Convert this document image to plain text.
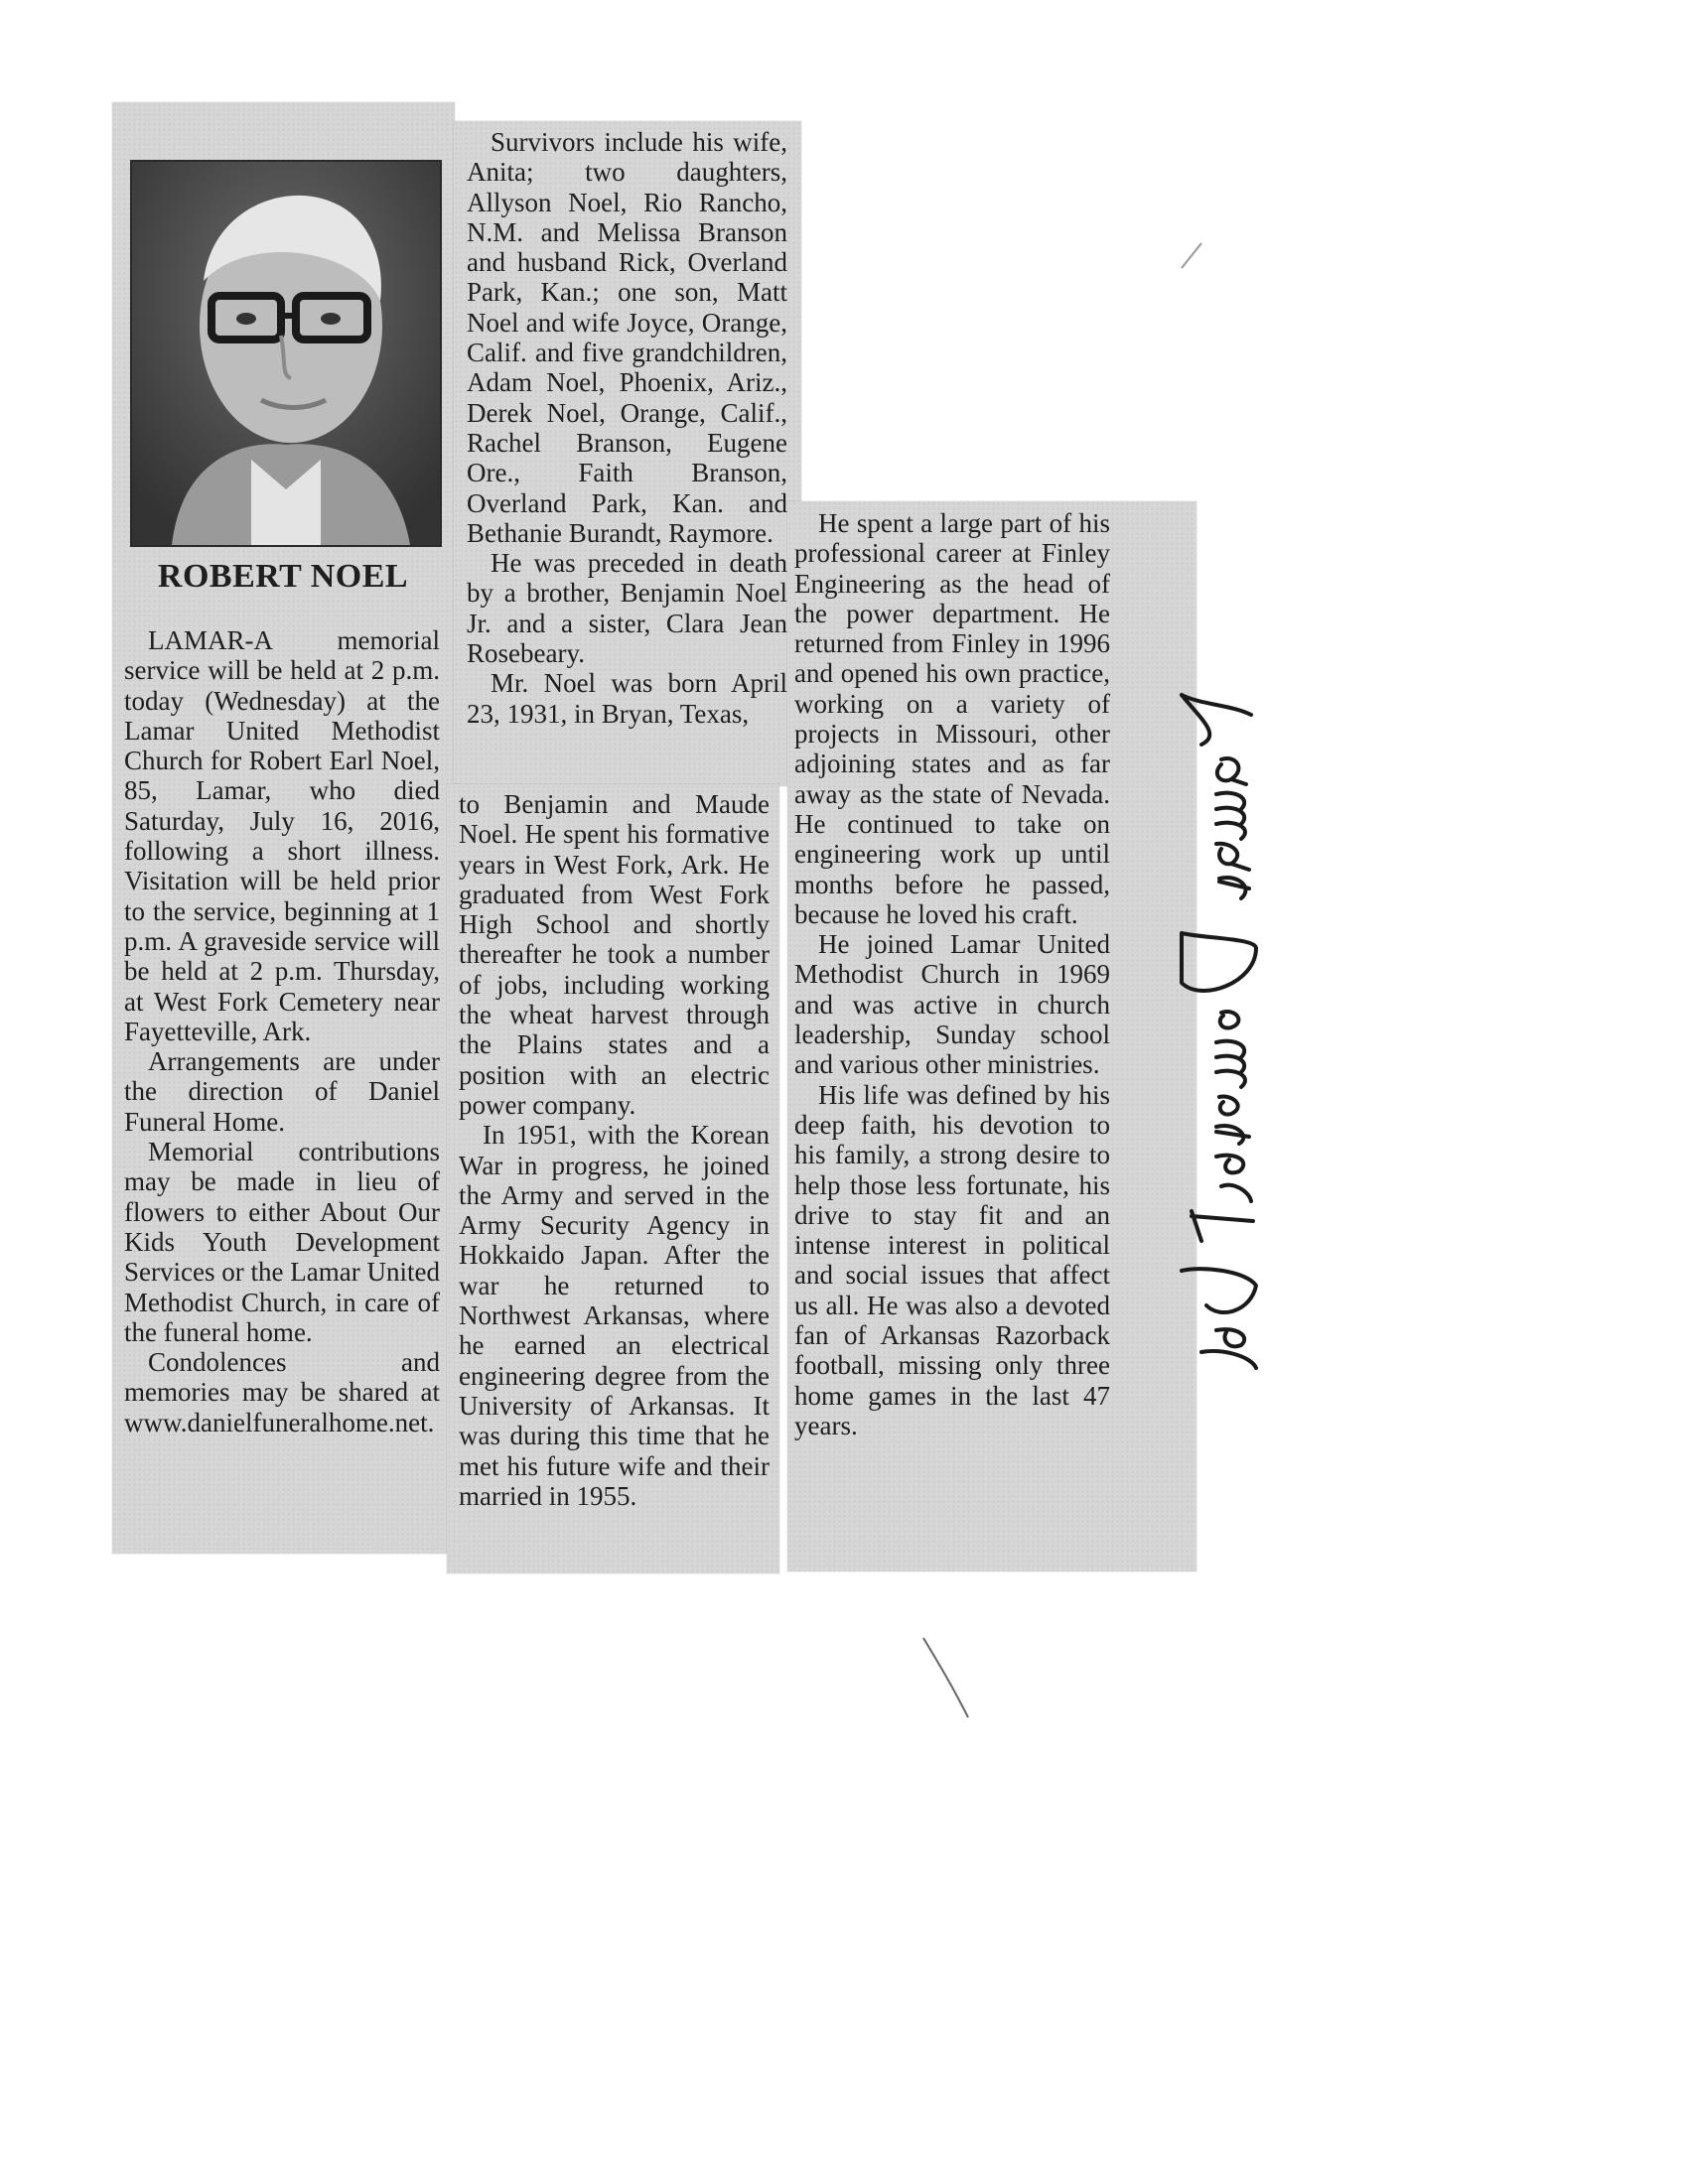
ROBERT NOEL

LAMAR-A memorial service will be held at 2 p.m. today (Wednesday) at the Lamar United Methodist Church for Robert Earl Noel, 85, Lamar, who died Saturday, July 16, 2016, following a short illness. Visitation will be held prior to the service, beginning at 1 p.m. A graveside service will be held at 2 p.m. Thursday, at West Fork Cemetery near Fayetteville, Ark.

Arrangements are under the direction of Daniel Funeral Home.

Memorial contributions may be made in lieu of flowers to either About Our Kids Youth Development Services or the Lamar United Methodist Church, in care of the funeral home.

Condolences and memories may be shared at www.danielfuneralhome.net.

Survivors include his wife, Anita; two daughters, Allyson Noel, Rio Rancho, N.M. and Melissa Branson and husband Rick, Overland Park, Kan.; one son, Matt Noel and wife Joyce, Orange, Calif. and five grandchildren, Adam Noel, Phoenix, Ariz., Derek Noel, Orange, Calif., Rachel Branson, Eugene Ore., Faith Branson, Overland Park, Kan. and Bethanie Burandt, Raymore.

He was preceded in death by a brother, Benjamin Noel Jr. and a sister, Clara Jean Rosebeary.

Mr. Noel was born April 23, 1931, in Bryan, Texas,

to Benjamin and Maude Noel. He spent his formative years in West Fork, Ark. He graduated from West Fork High School and shortly thereafter he took a number of jobs, including working the wheat harvest through the Plains states and a position with an electric power company.

In 1951, with the Korean War in progress, he joined the Army and served in the Army Security Agency in Hokkaido Japan. After the war he returned to Northwest Arkansas, where he earned an electrical engineering degree from the University of Arkansas. It was during this time that he met his future wife and their married in 1955.

He spent a large part of his professional career at Finley Engineering as the head of the power department. He returned from Finley in 1996 and opened his own practice, working on a variety of projects in Missouri, other adjoining states and as far away as the state of Nevada. He continued to take on engineering work up until months before he passed, because he loved his craft.

He joined Lamar United Methodist Church in 1969 and was active in church leadership, Sunday school and various other ministries.

His life was defined by his deep faith, his devotion to his family, a strong desire to help those less fortunate, his drive to stay fit and an intense interest in political and social issues that affect us all. He was also a devoted fan of Arkansas Razorback football, missing only three home games in the last 47 years.
